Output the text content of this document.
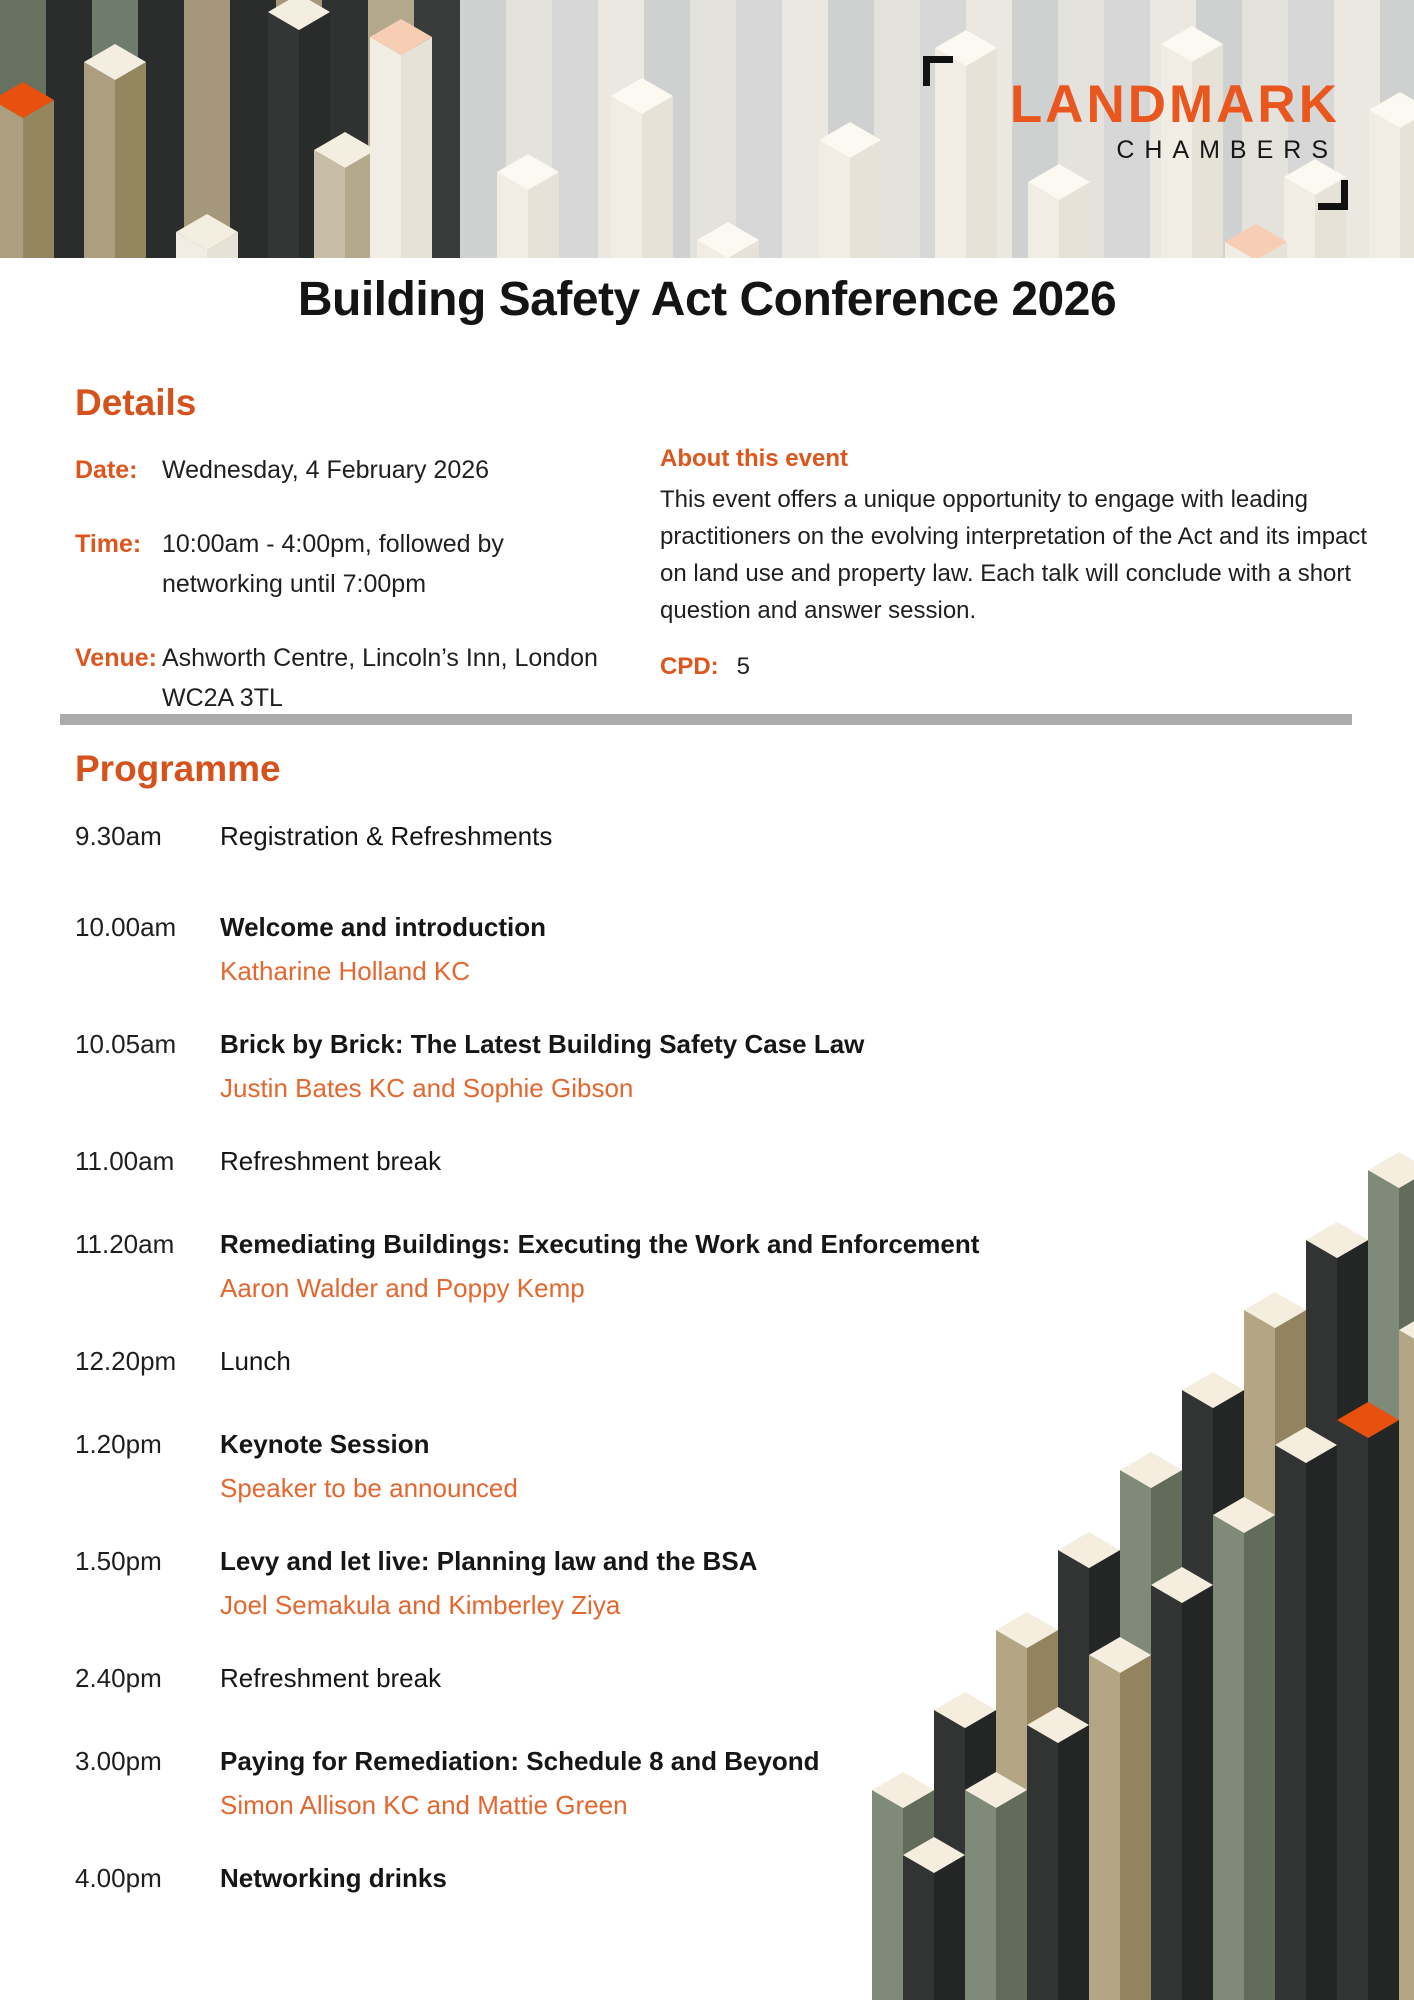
LANDMARK
CHAMBERS
Building Safety Act Conference 2026
Details
Date: Wednesday, 4 February 2026
Time: 10:00am - 4:00pm, followed by networking until 7:00pm
Venue: Ashworth Centre, Lincoln’s Inn, London WC2A 3TL
About this event
This event offers a unique opportunity to engage with leading practitioners on the evolving interpretation of the Act and its impact on land use and property law. Each talk will conclude with a short question and answer session.
CPD: 5
Programme
9.30am	Registration & Refreshments
10.00am	Welcome and introduction
Katharine Holland KC
10.05am	Brick by Brick: The Latest Building Safety Case Law
Justin Bates KC and Sophie Gibson
11.00am	Refreshment break
11.20am	Remediating Buildings: Executing the Work and Enforcement
Aaron Walder and Poppy Kemp
12.20pm	Lunch
1.20pm	Keynote Session
Speaker to be announced
1.50pm	Levy and let live: Planning law and the BSA
Joel Semakula and Kimberley Ziya
2.40pm	Refreshment break
3.00pm	Paying for Remediation: Schedule 8 and Beyond
Simon Allison KC and Mattie Green
4.00pm	Networking drinks
